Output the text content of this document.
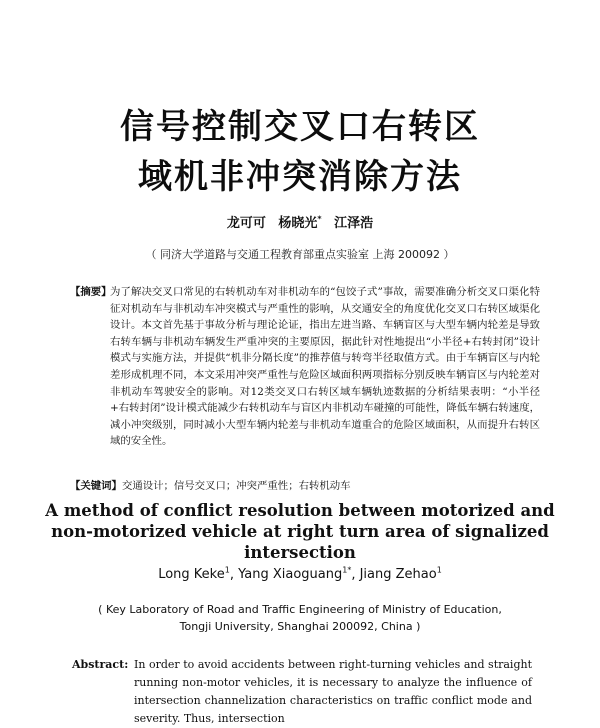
信号控制交叉口右转区
域机非冲突消除方法
龙可可 杨晓光* 江泽浩
（ 同济大学道路与交通工程教育部重点实验室 上海 200092 ）
【摘要】
为了解决交叉口常见的右转机动车对非机动车的“包饺子式”事故，需要准确分析交叉口渠化特征对机动车与非机动车冲突模式与严重性的影响，从交通安全的角度优化交叉口右转区域渠化设计。本文首先基于事故分析与理论论证，指出左进当路、车辆盲区与大型车辆内轮差是导致右转车辆与非机动车辆发生严重冲突的主要原因，据此针对性地提出“小半径+右转封闭”设计模式与实施方法，并提供“机非分隔长度”的推荐值与转弯半径取值方式。由于车辆盲区与内轮差形成机理不同，本文采用冲突严重性与危险区域面积两项指标分别反映车辆盲区与内轮差对非机动车驾驶安全的影响。对12类交叉口右转区域车辆轨迹数据的分析结果表明：“小半径+右转封闭”设计模式能减少右转机动车与盲区内非机动车碰撞的可能性，降低车辆右转速度，减小冲突级别，同时减小大型车辆内轮差与非机动车道重合的危险区域面积，从而提升右转区域的安全性。
【关键词】交通设计；信号交叉口；冲突严重性；右转机动车
A method of conflict resolution between motorized and
non-motorized vehicle at right turn area of signalized
intersection
Long Keke$^1$, Yang Xiaoguang$^{1*}$, Jiang Zehao$^1$
( Key Laboratory of Road and Traffic Engineering of Ministry of Education,
Tongji University, Shanghai 200092, China )
Abstract: In order to avoid accidents between right-turning vehicles and straight running non-motor vehicles, it is necessary to analyze the influence of intersection channelization characteristics on traffic conflict mode and severity. Thus, intersection
